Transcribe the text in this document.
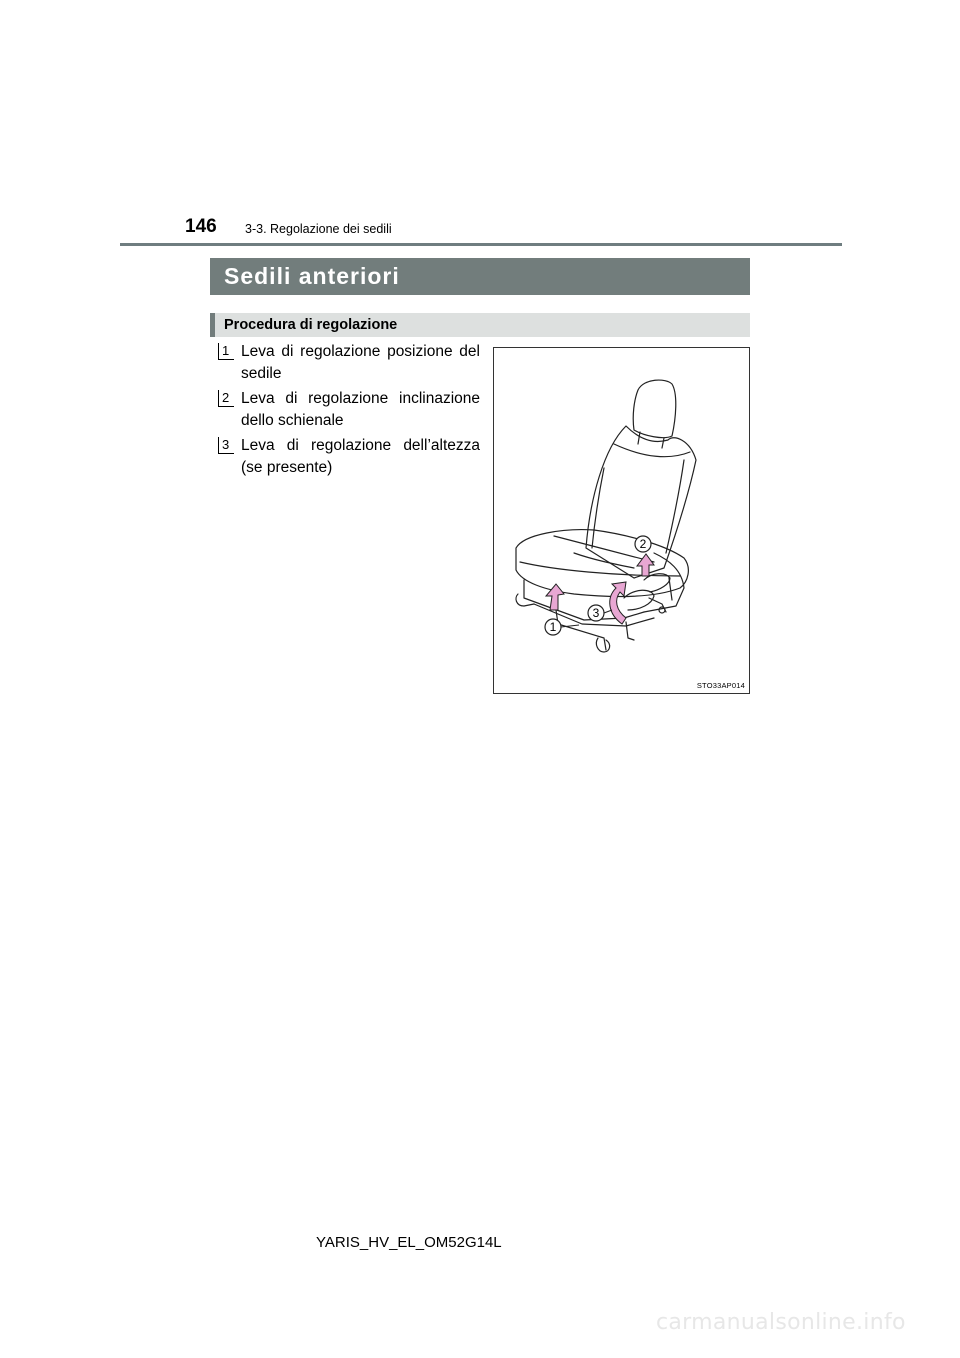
146 3-3. Regolazione dei sedili
Sedili anteriori
Procedura di regolazione
1 Leva di regolazione posizione del sedile
2 Leva di regolazione inclinazione dello schienale
3 Leva di regolazione dell’altezza (se presente)
1
2
3
STO33AP014
YARIS_HV_EL_OM52G14L
carmanualsonline.info
